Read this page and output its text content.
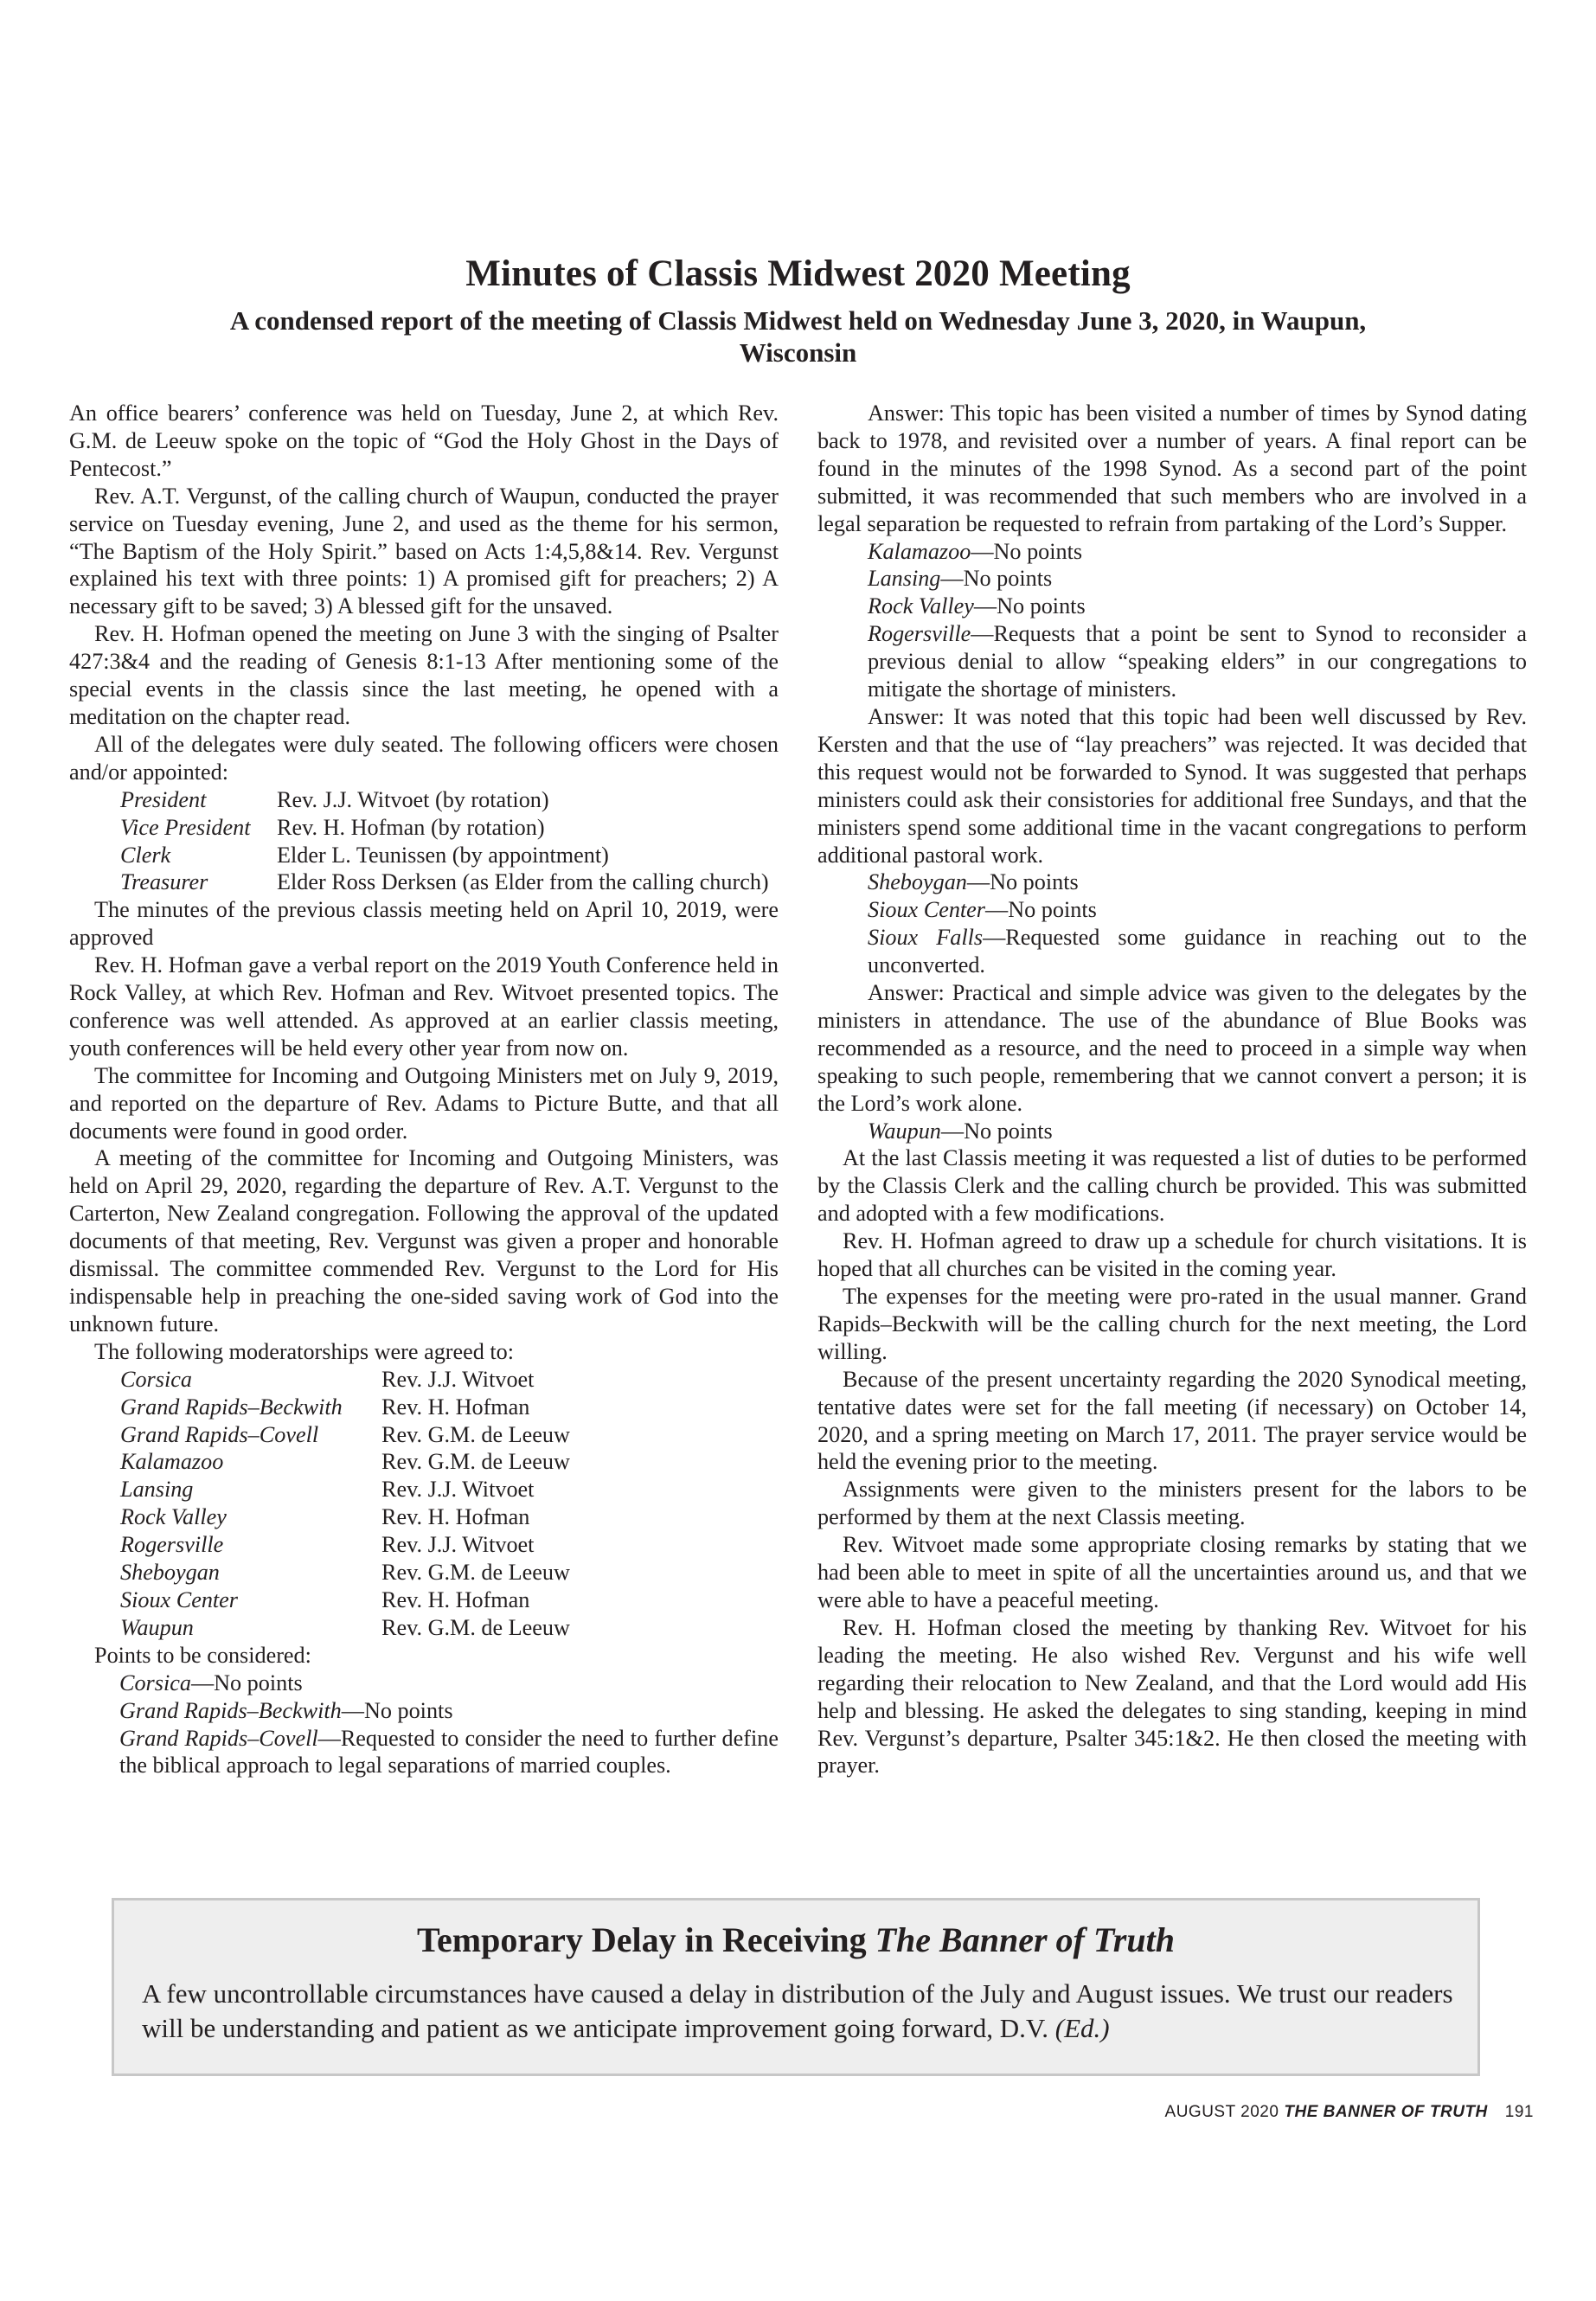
Minutes of Classis Midwest 2020 Meeting
A condensed report of the meeting of Classis Midwest held on Wednesday June 3, 2020, in Waupun, Wisconsin

An office bearers’ conference was held on Tuesday, June 2, at which Rev. G.M. de Leeuw spoke on the topic of “God the Holy Ghost in the Days of Pentecost.”

Rev. A.T. Vergunst, of the calling church of Waupun, conducted the prayer service on Tuesday evening, June 2, and used as the theme for his sermon, “The Baptism of the Holy Spirit.” based on Acts 1:4,5,8&14. Rev. Vergunst explained his text with three points: 1) A promised gift for preachers; 2) A necessary gift to be saved; 3) A blessed gift for the unsaved.

Rev. H. Hofman opened the meeting on June 3 with the singing of Psalter 427:3&4 and the reading of Genesis 8:1-13 After mentioning some of the special events in the classis since the last meeting, he opened with a meditation on the chapter read.

All of the delegates were duly seated. The following officers were chosen and/or appointed:

President	Rev. J.J. Witvoet (by rotation)
Vice President	Rev. H. Hofman (by rotation)
Clerk	Elder L. Teunissen (by appointment)
Treasurer	Elder Ross Derksen (as Elder from the calling church)

The minutes of the previous classis meeting held on April 10, 2019, were approved

Rev. H. Hofman gave a verbal report on the 2019 Youth Conference held in Rock Valley, at which Rev. Hofman and Rev. Witvoet presented topics. The conference was well attended. As approved at an earlier classis meeting, youth conferences will be held every other year from now on.

The committee for Incoming and Outgoing Ministers met on July 9, 2019, and reported on the departure of Rev. Adams to Picture Butte, and that all documents were found in good order.

A meeting of the committee for Incoming and Outgoing Ministers, was held on April 29, 2020, regarding the departure of Rev. A.T. Vergunst to the Carterton, New Zealand congregation. Following the approval of the updated documents of that meeting, Rev. Vergunst was given a proper and honorable dismissal. The committee commended Rev. Vergunst to the Lord for His indispensable help in preaching the one-sided saving work of God into the unknown future.

The following moderatorships were agreed to:

Corsica	Rev. J.J. Witvoet
Grand Rapids–Beckwith	Rev. H. Hofman
Grand Rapids–Covell	Rev. G.M. de Leeuw
Kalamazoo	Rev. G.M. de Leeuw
Lansing	Rev. J.J. Witvoet
Rock Valley	Rev. H. Hofman
Rogersville	Rev. J.J. Witvoet
Sheboygan	Rev. G.M. de Leeuw
Sioux Center	Rev. H. Hofman
Waupun	Rev. G.M. de Leeuw

Points to be considered:

Corsica—No points

Grand Rapids–Beckwith—No points

Grand Rapids–Covell—Requested to consider the need to further define the biblical approach to legal separations of married couples.

Answer: This topic has been visited a number of times by Synod dating back to 1978, and revisited over a number of years. A final report can be found in the minutes of the 1998 Synod. As a second part of the point submitted, it was recommended that such members who are involved in a legal separation be requested to refrain from partaking of the Lord’s Supper.

Kalamazoo—No points

Lansing—No points

Rock Valley—No points

Rogersville—Requests that a point be sent to Synod to reconsider a previous denial to allow “speaking elders” in our congregations to mitigate the shortage of ministers.

Answer: It was noted that this topic had been well discussed by Rev. Kersten and that the use of “lay preachers” was rejected. It was decided that this request would not be forwarded to Synod. It was suggested that perhaps ministers could ask their consistories for additional free Sundays, and that the ministers spend some additional time in the vacant congregations to perform additional pastoral work.

Sheboygan—No points

Sioux Center—No points

Sioux Falls—Requested some guidance in reaching out to the unconverted.

Answer: Practical and simple advice was given to the delegates by the ministers in attendance. The use of the abundance of Blue Books was recommended as a resource, and the need to proceed in a simple way when speaking to such people, remembering that we cannot convert a person; it is the Lord’s work alone.

Waupun—No points

At the last Classis meeting it was requested a list of duties to be performed by the Classis Clerk and the calling church be provided. This was submitted and adopted with a few modifications.

Rev. H. Hofman agreed to draw up a schedule for church visitations. It is hoped that all churches can be visited in the coming year.

The expenses for the meeting were pro-rated in the usual manner. Grand Rapids–Beckwith will be the calling church for the next meeting, the Lord willing.

Because of the present uncertainty regarding the 2020 Synodical meeting, tentative dates were set for the fall meeting (if necessary) on October 14, 2020, and a spring meeting on March 17, 2011. The prayer service would be held the evening prior to the meeting.

Assignments were given to the ministers present for the labors to be performed by them at the next Classis meeting.

Rev. Witvoet made some appropriate closing remarks by stating that we had been able to meet in spite of all the uncertainties around us, and that we were able to have a peaceful meeting.

Rev. H. Hofman closed the meeting by thanking Rev. Witvoet for his leading the meeting. He also wished Rev. Vergunst and his wife well regarding their relocation to New Zealand, and that the Lord would add His help and blessing. He asked the delegates to sing standing, keeping in mind Rev. Vergunst’s departure, Psalter 345:1&2. He then closed the meeting with prayer.

Temporary Delay in Receiving The Banner of Truth

A few uncontrollable circumstances have caused a delay in distribution of the July and August issues. We trust our readers will be understanding and patient as we anticipate improvement going forward, D.V. (Ed.)

AUGUST 2020 THE BANNER OF TRUTH 191
